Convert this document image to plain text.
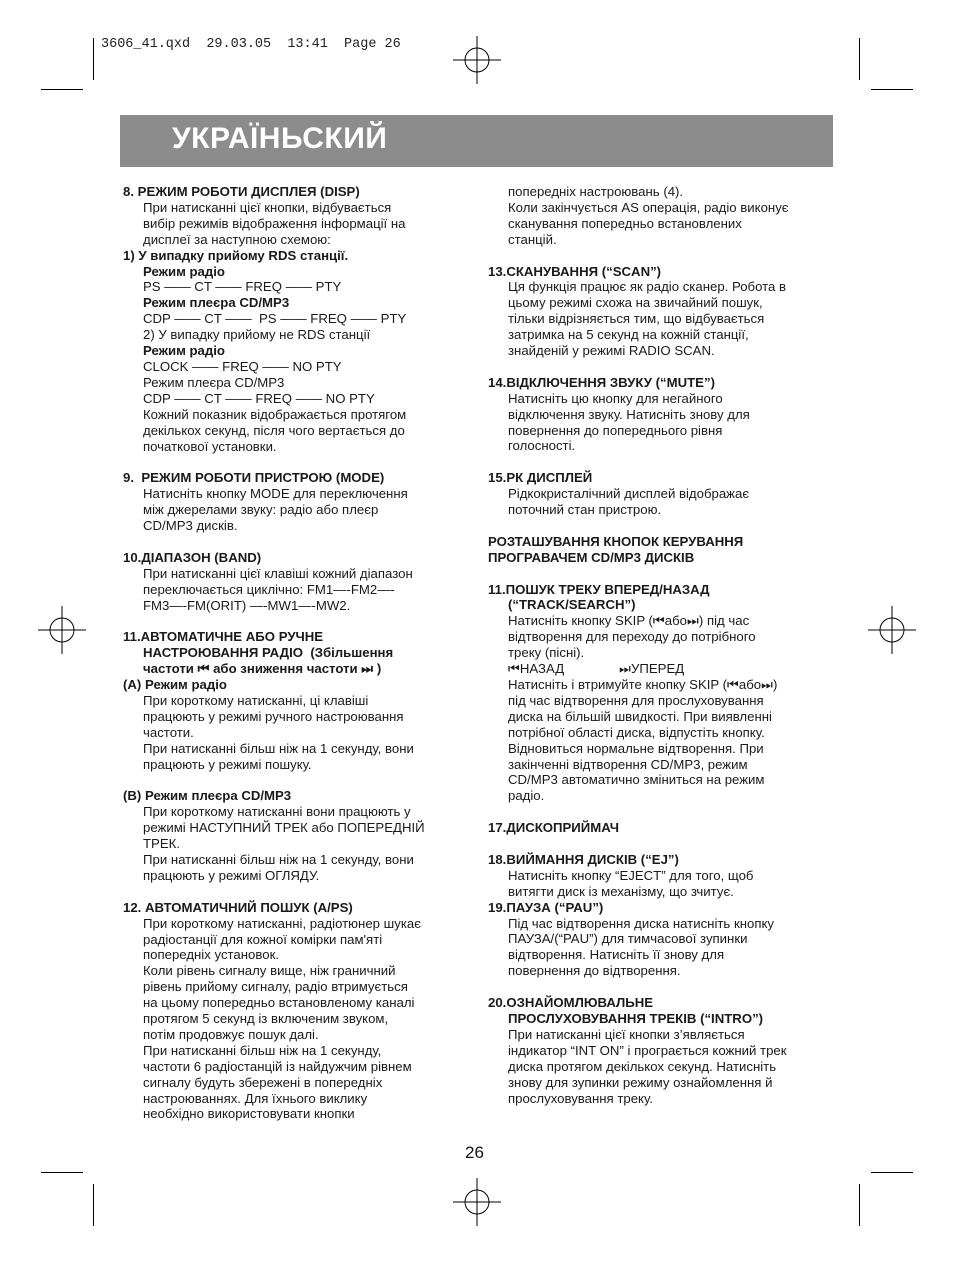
3606_41.qxd  29.03.05  13:41  Page 26
УКРАЇНЬСКИЙ
8. РЕЖИМ РОБОТИ ДИСПЛЕЯ (DISP)
При натисканні цієї кнопки, відбувається
вибір режимів відображення інформації на
дисплеї за наступною схемою:
1) У випадку прийому RDS станції.
Режим радіо
PS —— CT —— FREQ —— PTY
Режим плеєра CD/MP3
CDP —— CT ——  PS —— FREQ —— PTY
2) У випадку прийому не RDS станції
Режим радіо
CLOCK —— FREQ —— NO PTY
Режим плеєра CD/MP3
CDP —— CT —— FREQ —— NO PTY
Кожний показник відображається протягом
декількох секунд, після чого вертається до
початкової установки.
9.  РЕЖИМ РОБОТИ ПРИСТРОЮ (MODE)
Натисніть кнопку MODE для переключення
між джерелами звуку: радіо або плеєр
CD/MP3 дисків.
10.ДІАПАЗОН (BAND)
При натисканні цієї клавіші кожний діапазон
переключається циклічно: FM1—-FM2—-
FM3—-FM(ORIT) —-MW1—-MW2.
11.АВТОМАТИЧНЕ АБО РУЧНЕ
НАСТРОЮВАННЯ РАДІО  (Збільшення
частоти ⏮ або зниження частоти ⏭ )
(A) Режим радіо
При короткому натисканні, ці клавіші
працюють у режимі ручного настроювання
частоти.
При натисканні більш ніж на 1 секунду, вони
працюють у режимі пошуку.
(B) Режим плеєра CD/MP3
При короткому натисканні вони працюють у
режимі НАСТУПНИЙ ТРЕК або ПОПЕРЕДНІЙ
ТРЕК.
При натисканні більш ніж на 1 секунду, вони
працюють у режимі ОГЛЯДУ.
12. АВТОМАТИЧНИЙ ПОШУК (A/PS)
При короткому натисканні, радіотюнер шукає
радіостанції для кожної комірки пам'яті
попередніх установок.
Коли рівень сигналу вище, ніж граничний
рівень прийому сигналу, радіо втримується
на цьому попередньо встановленому каналі
протягом 5 секунд із включеним звуком,
потім продовжує пошук далі.
При натисканні більш ніж на 1 секунду,
частоти 6 радіостанцій із найдужчим рівнем
сигналу будуть збережені в попередніх
настроюваннях. Для їхнього виклику
необхідно використовувати кнопки
попередніх настроювань (4).
Коли закінчується AS операція, радіо виконує
сканування попередньо встановлених
станцій.
13.СКАНУВАННЯ (“SCAN”)
Ця функція працює як радіо сканер. Робота в
цьому режимі схожа на звичайний пошук,
тільки відрізняється тим, що відбувається
затримка на 5 секунд на кожній станції,
знайденій у режимі RADIO SCAN.
14.ВІДКЛЮЧЕННЯ ЗВУКУ (“MUTE”)
Натисніть цю кнопку для негайного
відключення звуку. Натисніть знову для
повернення до попереднього рівня
голосності.
15.РК ДИСПЛЕЙ
Рідкокристалічний дисплей відображає
поточний стан пристрою.
РОЗТАШУВАННЯ КНОПОК КЕРУВАННЯ
ПРОГРАВАЧЕМ CD/MP3 ДИСКІВ
11.ПОШУК ТРЕКУ ВПЕРЕД/НАЗАД
(“TRACK/SEARCH”)
Натисніть кнопку SKIP (⏮або⏭) під час
відтворення для переходу до потрібного
треку (пісні).
⏮НАЗАД               ⏭УПЕРЕД
Натисніть і втримуйте кнопку SKIP (⏮або⏭)
під час відтворення для прослуховування
диска на більшій швидкості. При виявленні
потрібної області диска, відпустіть кнопку.
Відновиться нормальне відтворення. При
закінченні відтворення CD/MP3, режим
CD/MP3 автоматично зміниться на режим
радіо.
17.ДИСКОПРИЙМАЧ
18.ВИЙМАННЯ ДИСКІВ (“EJ”)
Натисніть кнопку “EJECT” для того, щоб
витягти диск із механізму, що зчитує.
19.ПАУЗА (“PAU”)
Під час відтворення диска натисніть кнопку
ПАУЗА/(“PAU”) для тимчасової зупинки
відтворення. Натисніть її знову для
повернення до відтворення.
20.ОЗНАЙОМЛЮВАЛЬНЕ
ПРОСЛУХОВУВАННЯ ТРЕКІВ (“INTRO”)
При натисканні цієї кнопки з’являється
індикатор “INT ON” і програється кожний трек
диска протягом декількох секунд. Натисніть
знову для зупинки режиму ознайомлення й
прослуховування треку.
26
